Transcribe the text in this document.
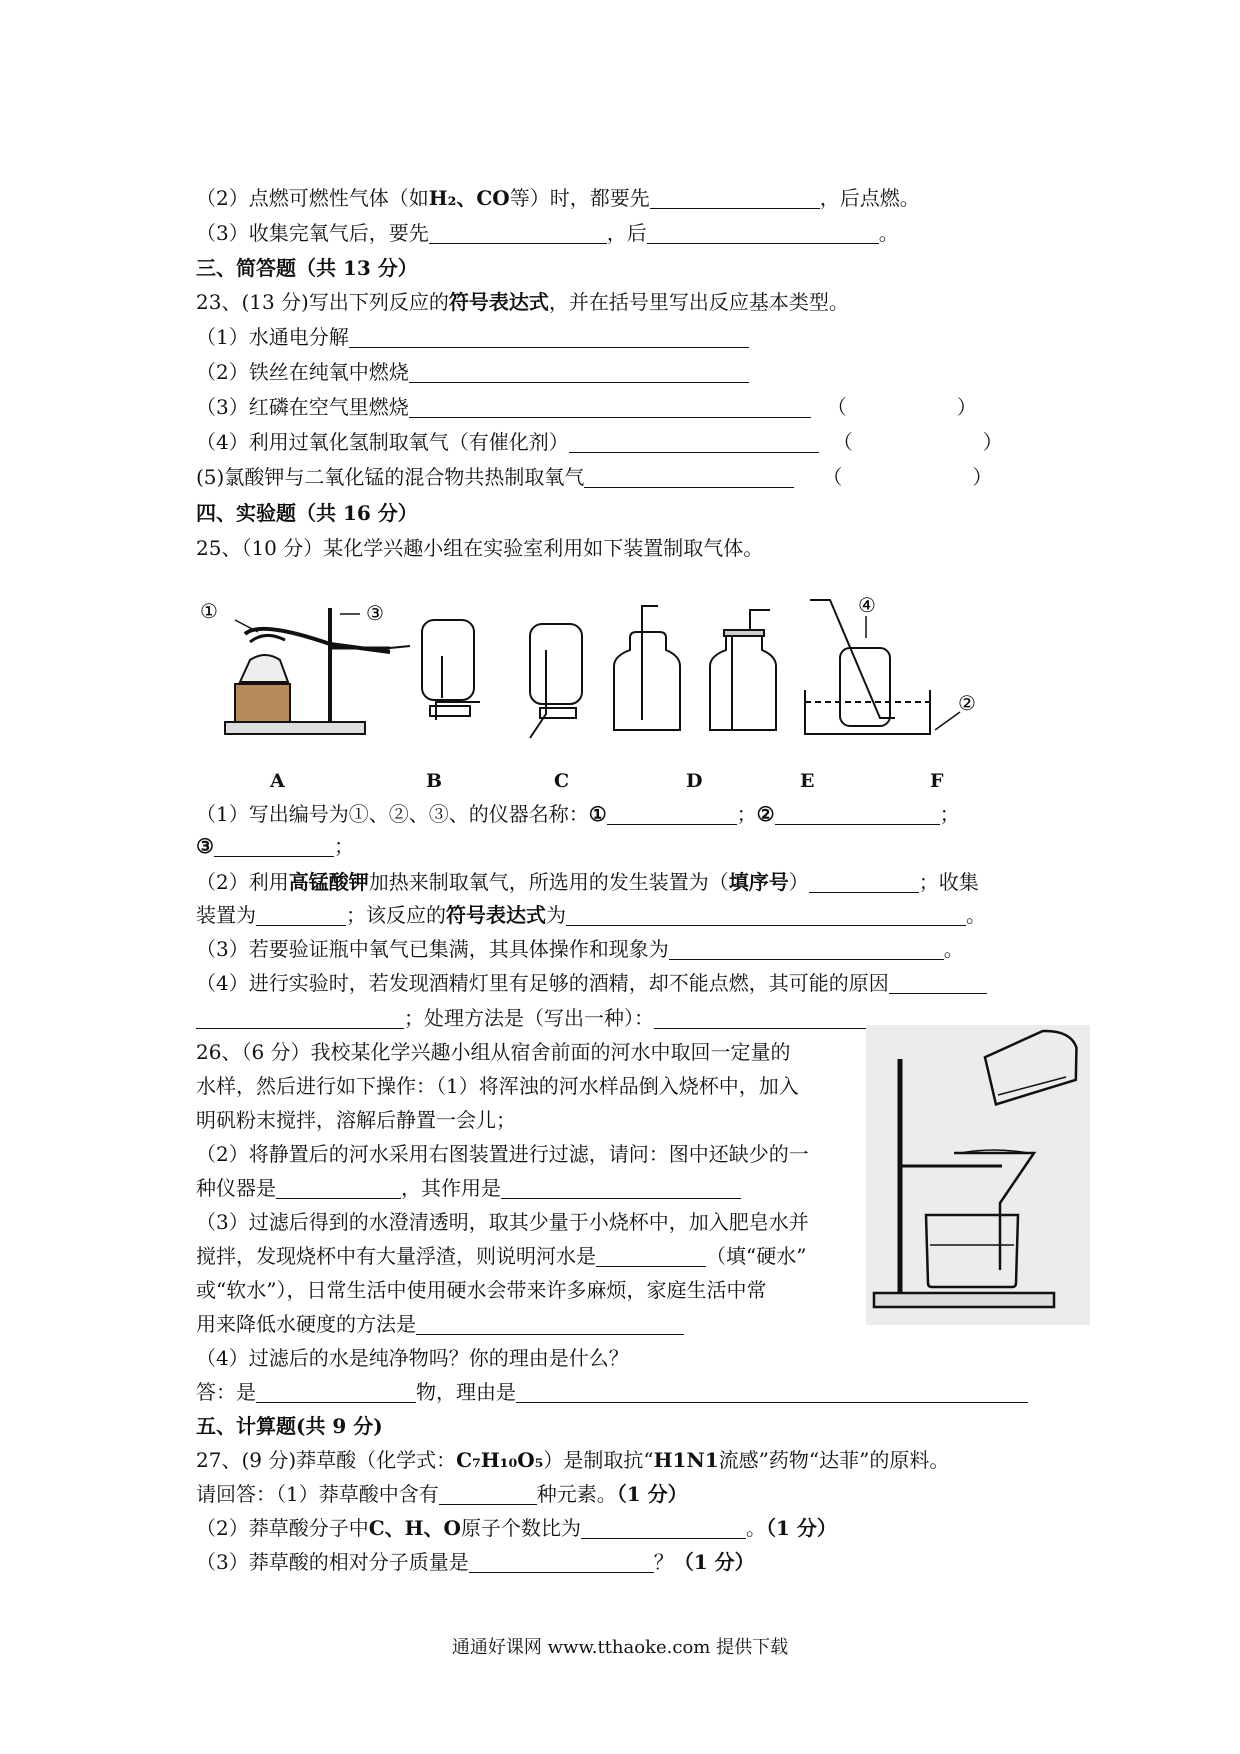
（2）点燃可燃性气体（如H₂、CO等）时，都要先	，后点燃。
（3）收集完氧气后，要先	，后	。
三、简答题（共 13 分）
23、(13 分)写出下列反应的符号表达式，并在括号里写出反应基本类型。
（1）水通电分解
（2）铁丝在纯氧中燃烧
（3）红磷在空气里燃烧	（	）
（4）利用过氧化氢制取氧气（有催化剂）	（	）
(5)氯酸钾与二氧化锰的混合物共热制取氧气	（	）
四、实验题（共 16 分）
25、（10 分）某化学兴趣小组在实验室利用如下装置制取气体。
①	③	④
②
A	B	C	D	E	F
（1）写出编号为①、②、③、的仪器名称：①	；②	；
③	；
（2）利用高锰酸钾加热来制取氧气，所选用的发生装置为（填序号）	；收集
装置为	；该反应的符号表达式为	。
（3）若要验证瓶中氧气已集满，其具体操作和现象为	。
（4）进行实验时，若发现酒精灯里有足够的酒精，却不能点燃，其可能的原因
；处理方法是（写出一种）：
26、（6 分）我校某化学兴趣小组从宿舍前面的河水中取回一定量的
水样，然后进行如下操作：（1）将浑浊的河水样品倒入烧杯中，加入
明矾粉末搅拌，溶解后静置一会儿；
（2）将静置后的河水采用右图装置进行过滤，请问：图中还缺少的一
种仪器是	，其作用是
（3）过滤后得到的水澄清透明，取其少量于小烧杯中，加入肥皂水并
搅拌，发现烧杯中有大量浮渣，则说明河水是	（填“硬水”
或“软水”），日常生活中使用硬水会带来许多麻烦，家庭生活中常
用来降低水硬度的方法是
（4）过滤后的水是纯净物吗？你的理由是什么？
答：是	物，理由是
五、计算题(共 9 分)
27、(9 分)莽草酸（化学式：C₇H₁₀O₅）是制取抗“H1N1流感”药物“达菲”的原料。
请回答：（1）莽草酸中含有	种元素。（1 分）
（2）莽草酸分子中C、H、O原子个数比为	。（1 分）
（3）莽草酸的相对分子质量是	？（1 分）
通通好课网 www.tthaoke.com 提供下载
